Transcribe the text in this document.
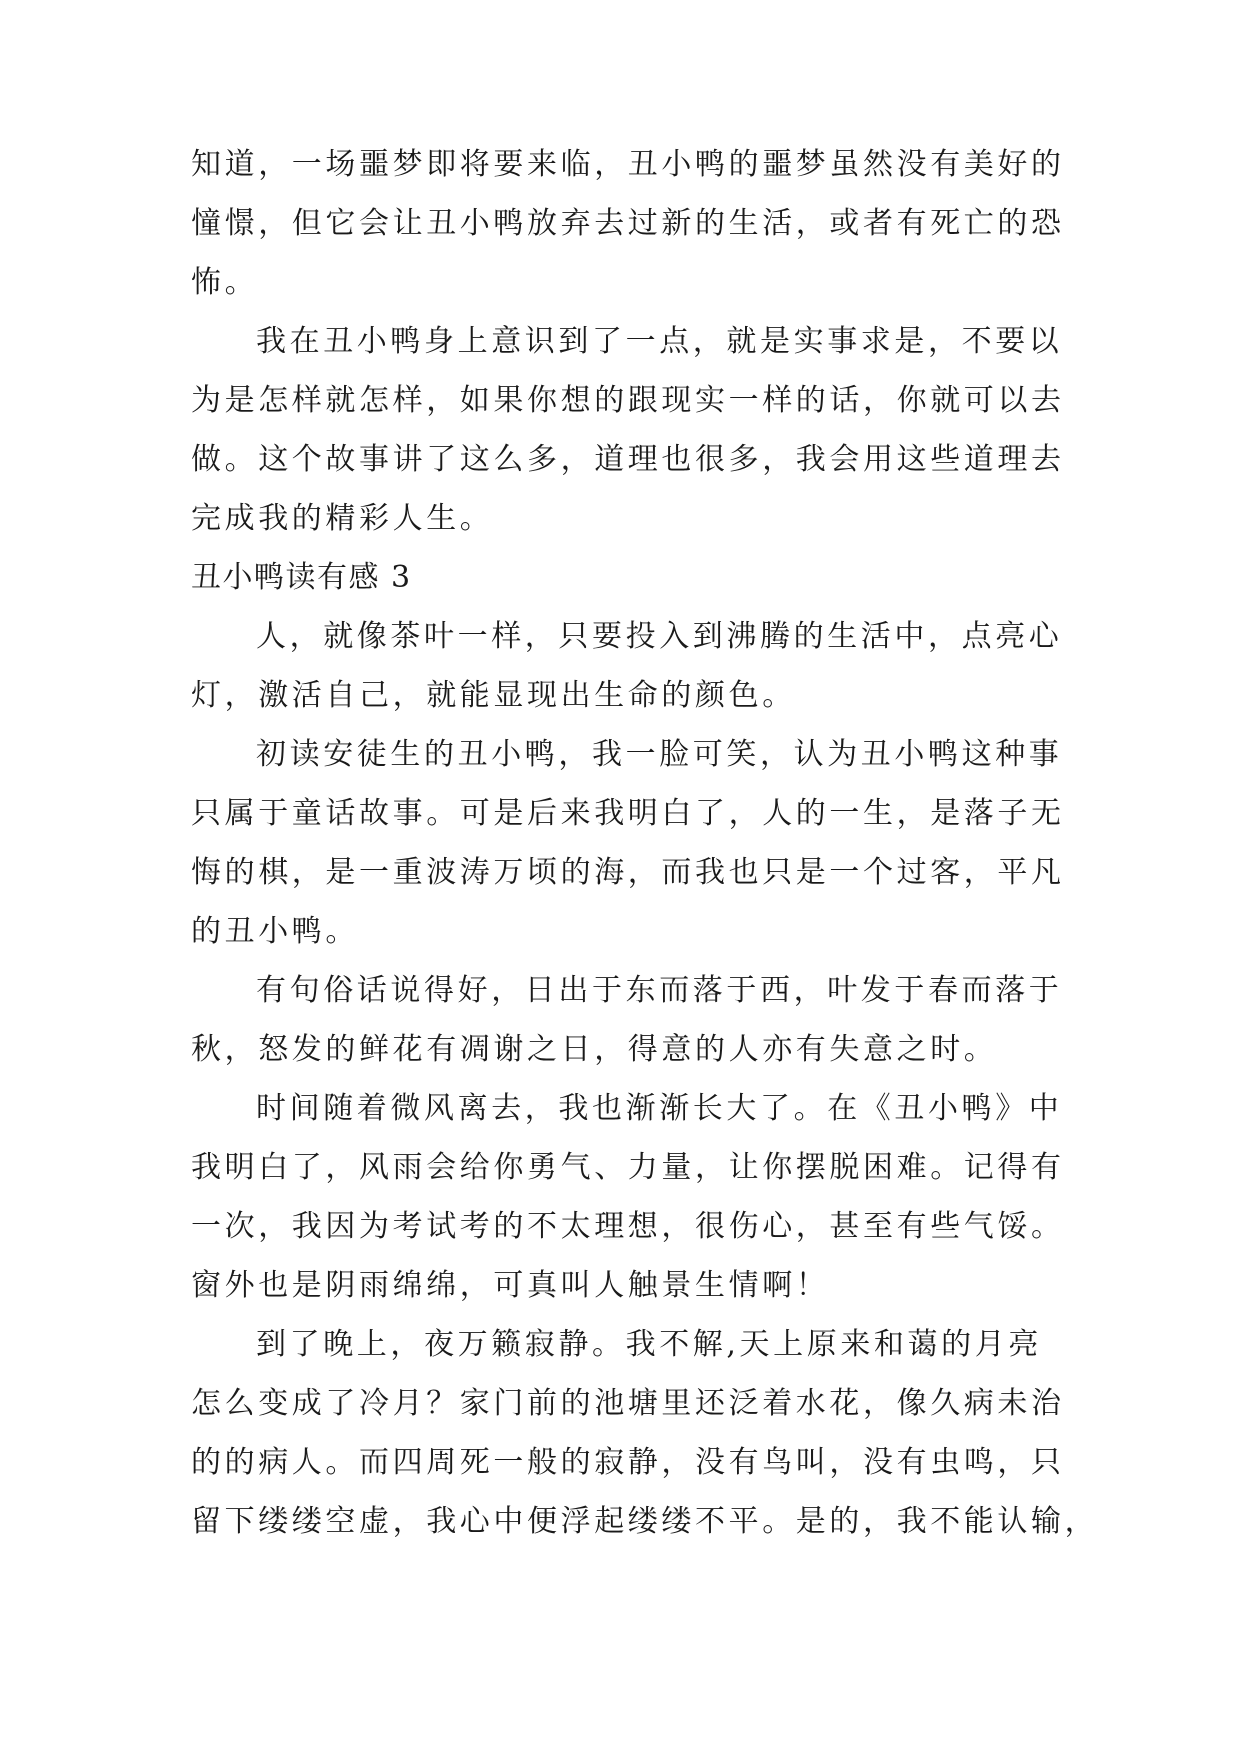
知道，一场噩梦即将要来临，丑小鸭的噩梦虽然没有美好的
憧憬，但它会让丑小鸭放弃去过新的生活，或者有死亡的恐
怖。
我在丑小鸭身上意识到了一点，就是实事求是，不要以
为是怎样就怎样，如果你想的跟现实一样的话，你就可以去
做。这个故事讲了这么多，道理也很多，我会用这些道理去
完成我的精彩人生。
丑小鸭读有感 3
人，就像茶叶一样，只要投入到沸腾的生活中，点亮心
灯，激活自己，就能显现出生命的颜色。
初读安徒生的丑小鸭，我一脸可笑，认为丑小鸭这种事
只属于童话故事。可是后来我明白了，人的一生，是落子无
悔的棋，是一重波涛万顷的海，而我也只是一个过客，平凡
的丑小鸭。
有句俗话说得好，日出于东而落于西，叶发于春而落于
秋，怒发的鲜花有凋谢之日，得意的人亦有失意之时。
时间随着微风离去，我也渐渐长大了。在《丑小鸭》中
我明白了，风雨会给你勇气、力量，让你摆脱困难。记得有
一次，我因为考试考的不太理想，很伤心，甚至有些气馁。
窗外也是阴雨绵绵，可真叫人触景生情啊！
到了晚上，夜万籁寂静。我不解,天上原来和蔼的月亮
怎么变成了冷月？家门前的池塘里还泛着水花，像久病未治
的的病人。而四周死一般的寂静，没有鸟叫，没有虫鸣，只
留下缕缕空虚，我心中便浮起缕缕不平。是的，我不能认输，
